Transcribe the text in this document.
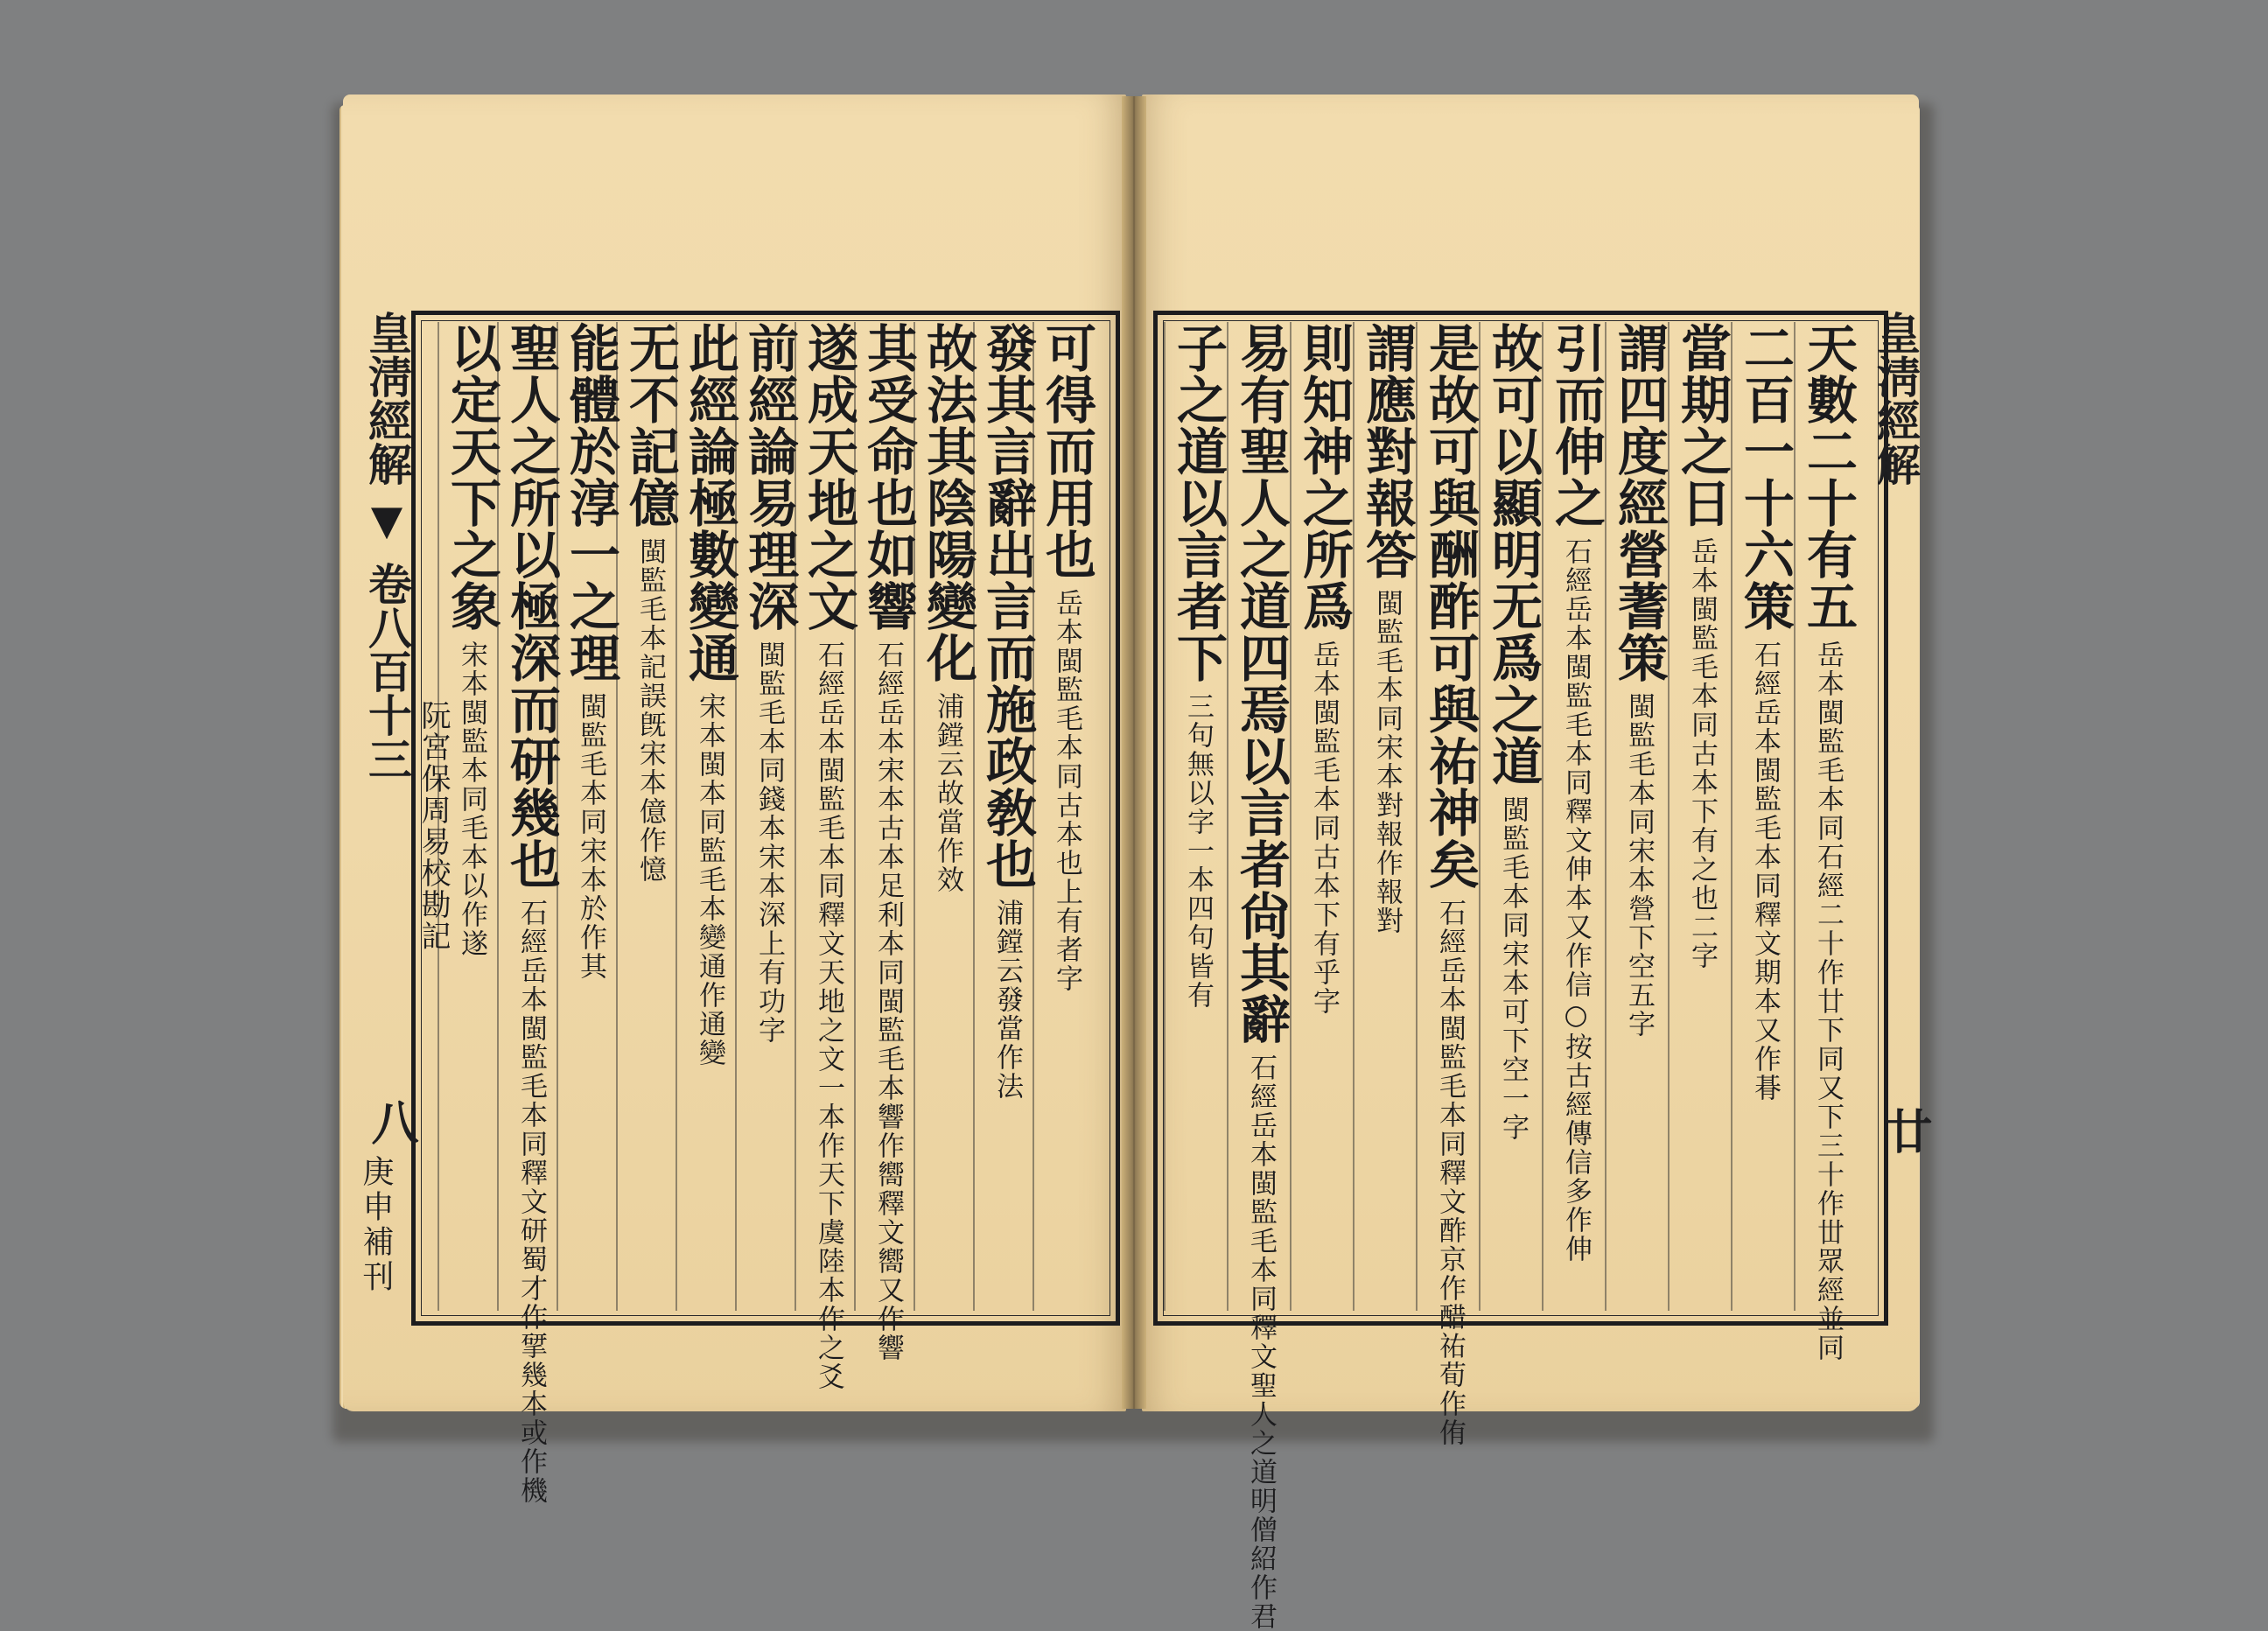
皇淸經解  卷八百十三
八
庚申補刊
皇淸經解
廿
可得而用也岳本閩監毛本同古本也上有者字
發其言辭出言而施政敎也浦鏜云發當作法
故法其陰陽變化浦鏜云故當作效
其受命也如響石經岳本宋本古本足利本同閩監毛本響作嚮釋文嚮又作響
遂成天地之文石經岳本閩監毛本同釋文天地之文一本作天下虞陸本作之爻
前經論易理深閩監毛本同錢本宋本深上有功字
此經論極數變通宋本閩本同監毛本變通作通變
无不記億閩監毛本記誤旣宋本億作憶
能體於淳一之理閩監毛本同宋本於作其
聖人之所以極深而研幾也石經岳本閩監毛本同釋文研蜀才作揅幾本或作機
以定天下之象宋本閩監本同毛本以作遂
天數二十有五岳本閩監毛本同石經二十作廿下同又下三十作丗眾經並同
二百一十六策石經岳本閩監毛本同釋文期本又作朞
當期之日岳本閩監毛本同古本下有之也二字
謂四度經營蓍策閩監毛本同宋本營下空五字
引而伸之石經岳本閩監毛本同釋文伸本又作信○按古經傳信多作伸
故可以顯明无爲之道閩監毛本同宋本可下空一字
是故可與酬酢可與祐神矣石經岳本閩監毛本同釋文酢京作醋祐荀作侑
謂應對報答閩監毛本同宋本對報作報對
則知神之所爲岳本閩監毛本同古本下有乎字
易有聖人之道四焉以言者尙其辭石經岳本閩監毛本同釋文聖人之道明僧紹作君
子之道以言者下三句無以字一本四句皆有
阮宮保周易校勘記
